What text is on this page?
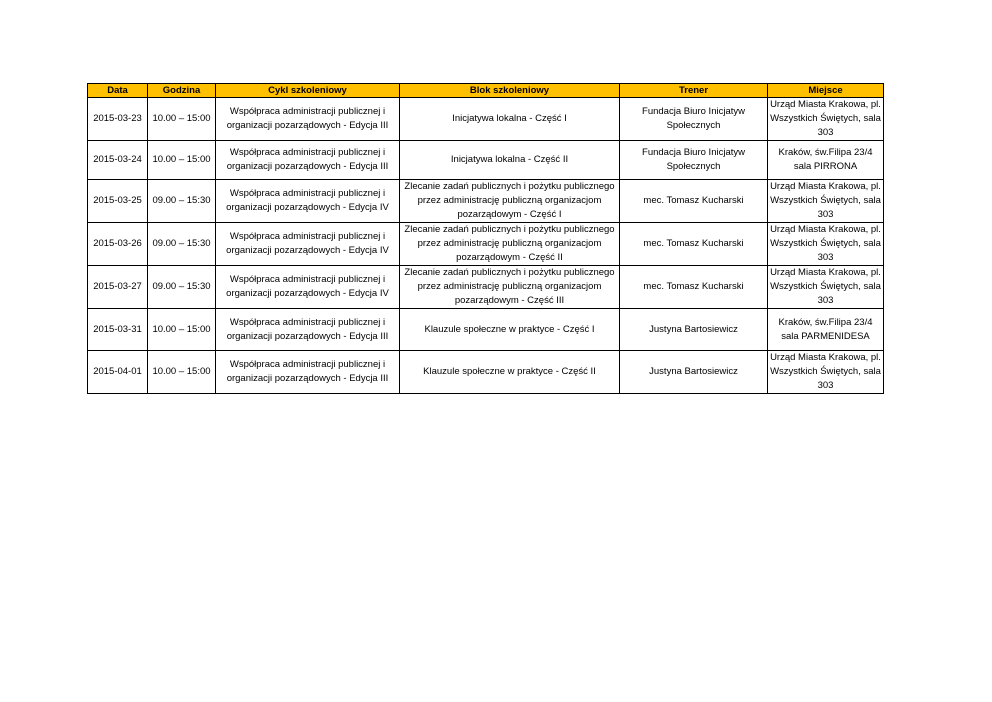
Data	Godzina	Cykl szkoleniowy	Blok szkoleniowy	Trener	Miejsce
2015-03-23	10.00 – 15:00	Współpraca administracji publicznej i organizacji pozarządowych - Edycja III	Inicjatywa lokalna - Część I	Fundacja Biuro Inicjatyw Społecznych	Urząd Miasta Krakowa, pl. Wszystkich Świętych, sala 303
2015-03-24	10.00 – 15:00	Współpraca administracji publicznej i organizacji pozarządowych - Edycja III	Inicjatywa lokalna - Część II	Fundacja Biuro Inicjatyw Społecznych	Kraków, św.Filipa 23/4 sala PIRRONA
2015-03-25	09.00 – 15:30	Współpraca administracji publicznej i organizacji pozarządowych - Edycja IV	Zlecanie zadań publicznych i pożytku publicznego przez administrację publiczną organizacjom pozarządowym - Część I	mec. Tomasz Kucharski	Urząd Miasta Krakowa, pl. Wszystkich Świętych, sala 303
2015-03-26	09.00 – 15:30	Współpraca administracji publicznej i organizacji pozarządowych - Edycja IV	Zlecanie zadań publicznych i pożytku publicznego przez administrację publiczną organizacjom pozarządowym - Część II	mec. Tomasz Kucharski	Urząd Miasta Krakowa, pl. Wszystkich Świętych, sala 303
2015-03-27	09.00 – 15:30	Współpraca administracji publicznej i organizacji pozarządowych - Edycja IV	Zlecanie zadań publicznych i pożytku publicznego przez administrację publiczną organizacjom pozarządowym - Część III	mec. Tomasz Kucharski	Urząd Miasta Krakowa, pl. Wszystkich Świętych, sala 303
2015-03-31	10.00 – 15:00	Współpraca administracji publicznej i organizacji pozarządowych - Edycja III	Klauzule społeczne w praktyce - Część I	Justyna Bartosiewicz	Kraków, św.Filipa 23/4 sala PARMENIDESA
2015-04-01	10.00 – 15:00	Współpraca administracji publicznej i organizacji pozarządowych - Edycja III	Klauzule społeczne w praktyce - Część II	Justyna Bartosiewicz	Urząd Miasta Krakowa, pl. Wszystkich Świętych, sala 303
